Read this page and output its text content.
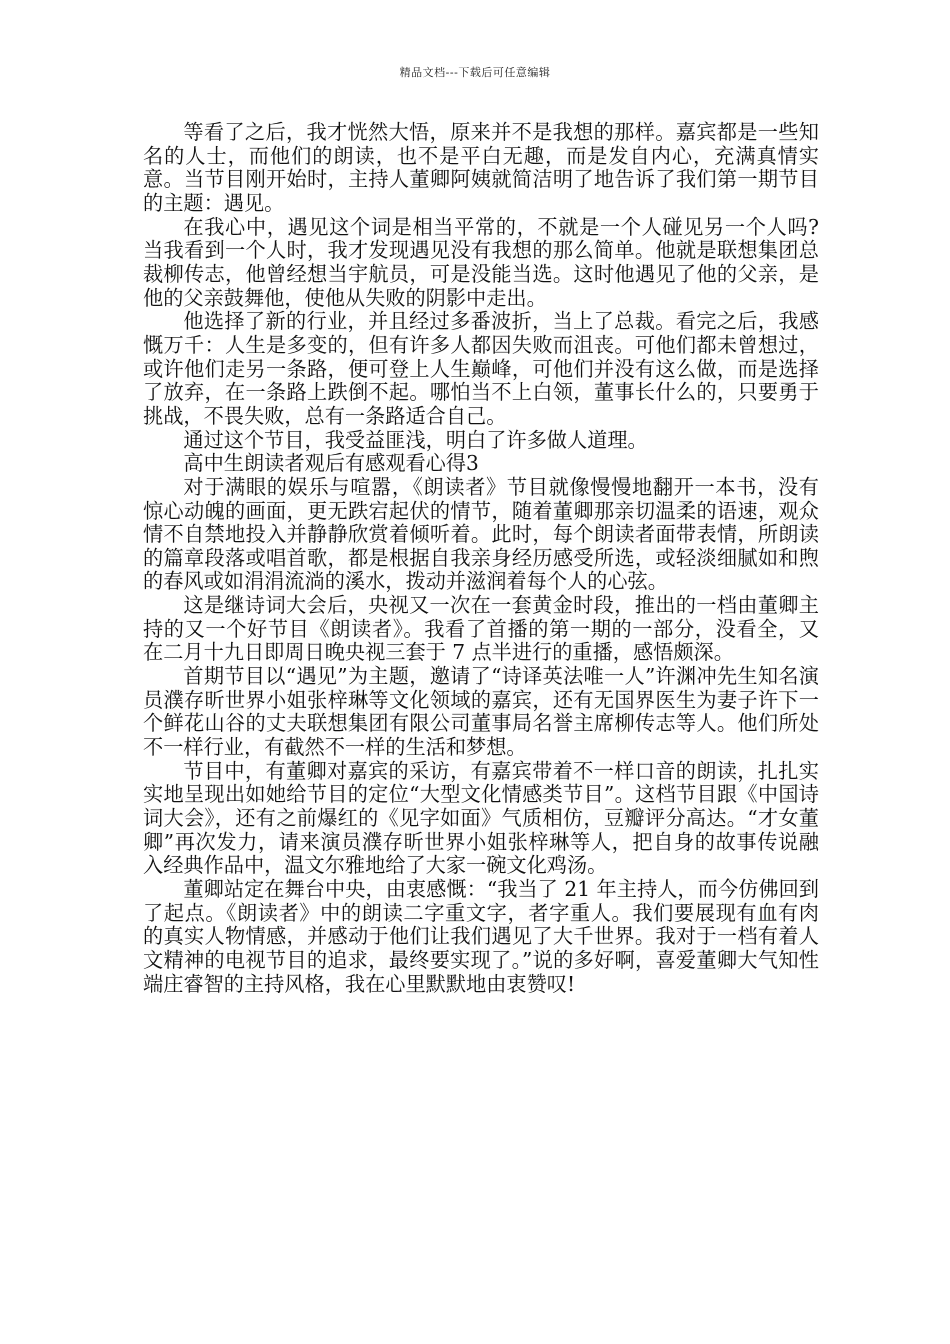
精品文档---下载后可任意编辑

等看了之后，我才恍然大悟，原来并不是我想的那样。嘉宾都是一些知名的人士，而他们的朗读，也不是平白无趣，而是发自内心，充满真情实意。当节目刚开始时，主持人董卿阿姨就简洁明了地告诉了我们第一期节目的主题：遇见。

在我心中，遇见这个词是相当平常的，不就是一个人碰见另一个人吗?当我看到一个人时，我才发现遇见没有我想的那么简单。他就是联想集团总裁柳传志，他曾经想当宇航员，可是没能当选。这时他遇见了他的父亲，是他的父亲鼓舞他，使他从失败的阴影中走出。

他选择了新的行业，并且经过多番波折，当上了总裁。看完之后，我感慨万千：人生是多变的，但有许多人都因失败而沮丧。可他们都未曾想过，或许他们走另一条路，便可登上人生巅峰，可他们并没有这么做，而是选择了放弃，在一条路上跌倒不起。哪怕当不上白领，董事长什么的，只要勇于挑战，不畏失败，总有一条路适合自己。

通过这个节目，我受益匪浅，明白了许多做人道理。

高中生朗读者观后有感观看心得3

对于满眼的娱乐与喧嚣，《朗读者》节目就像慢慢地翻开一本书，没有惊心动魄的画面，更无跌宕起伏的情节，随着董卿那亲切温柔的语速，观众情不自禁地投入并静静欣赏着倾听着。此时，每个朗读者面带表情，所朗读的篇章段落或唱首歌，都是根据自我亲身经历感受所选，或轻淡细腻如和煦的春风或如涓涓流淌的溪水，拨动并滋润着每个人的心弦。

这是继诗词大会后，央视又一次在一套黄金时段，推出的一档由董卿主持的又一个好节目《朗读者》。我看了首播的第一期的一部分，没看全，又在二月十九日即周日晚央视三套于 7 点半进行的重播，感悟颇深。

首期节目以“遇见”为主题，邀请了“诗译英法唯一人”许渊冲先生知名演员濮存昕世界小姐张梓琳等文化领域的嘉宾，还有无国界医生为妻子许下一个鲜花山谷的丈夫联想集团有限公司董事局名誉主席柳传志等人。他们所处不一样行业，有截然不一样的生活和梦想。

节目中，有董卿对嘉宾的采访，有嘉宾带着不一样口音的朗读，扎扎实实地呈现出如她给节目的定位“大型文化情感类节目”。这档节目跟《中国诗词大会》，还有之前爆红的《见字如面》气质相仿，豆瓣评分高达。“才女董卿”再次发力，请来演员濮存昕世界小姐张梓琳等人，把自身的故事传说融入经典作品中，温文尔雅地给了大家一碗文化鸡汤。

董卿站定在舞台中央，由衷感慨：“我当了 21 年主持人，而今仿佛回到了起点。《朗读者》中的朗读二字重文字，者字重人。我们要展现有血有肉的真实人物情感，并感动于他们让我们遇见了大千世界。我对于一档有着人文精神的电视节目的追求，最终要实现了。”说的多好啊，喜爱董卿大气知性端庄睿智的主持风格，我在心里默默地由衷赞叹!
